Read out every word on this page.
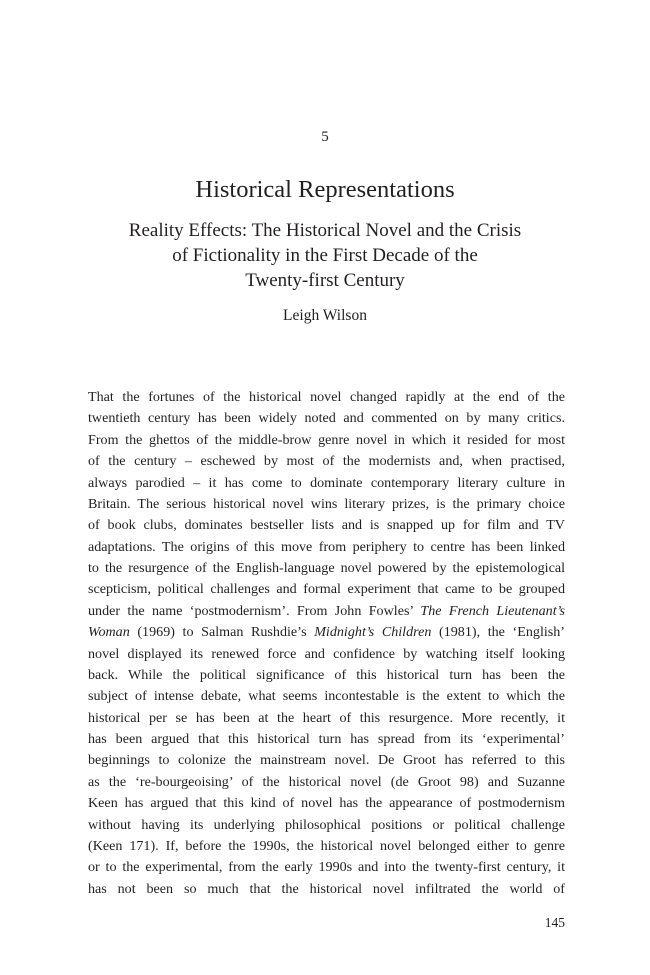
5
Historical Representations
Reality Effects: The Historical Novel and the Crisis
of Fictionality in the First Decade of the
Twenty-first Century
Leigh Wilson
That the fortunes of the historical novel changed rapidly at the end of the
twentieth century has been widely noted and commented on by many critics.
From the ghettos of the middle-brow genre novel in which it resided for most
of the century – eschewed by most of the modernists and, when practised,
always parodied – it has come to dominate contemporary literary culture in
Britain. The serious historical novel wins literary prizes, is the primary choice
of book clubs, dominates bestseller lists and is snapped up for film and TV
adaptations. The origins of this move from periphery to centre has been linked
to the resurgence of the English-language novel powered by the epistemological
scepticism, political challenges and formal experiment that came to be grouped
under the name ‘postmodernism’. From John Fowles’ The French Lieutenant’s
Woman (1969) to Salman Rushdie’s Midnight’s Children (1981), the ‘English’
novel displayed its renewed force and confidence by watching itself looking
back. While the political significance of this historical turn has been the
subject of intense debate, what seems incontestable is the extent to which the
historical per se has been at the heart of this resurgence. More recently, it
has been argued that this historical turn has spread from its ‘experimental’
beginnings to colonize the mainstream novel. De Groot has referred to this
as the ‘re-bourgeoising’ of the historical novel (de Groot 98) and Suzanne
Keen has argued that this kind of novel has the appearance of postmodernism
without having its underlying philosophical positions or political challenge
(Keen 171). If, before the 1990s, the historical novel belonged either to genre
or to the experimental, from the early 1990s and into the twenty-first century, it
has not been so much that the historical novel infiltrated the world of
145
